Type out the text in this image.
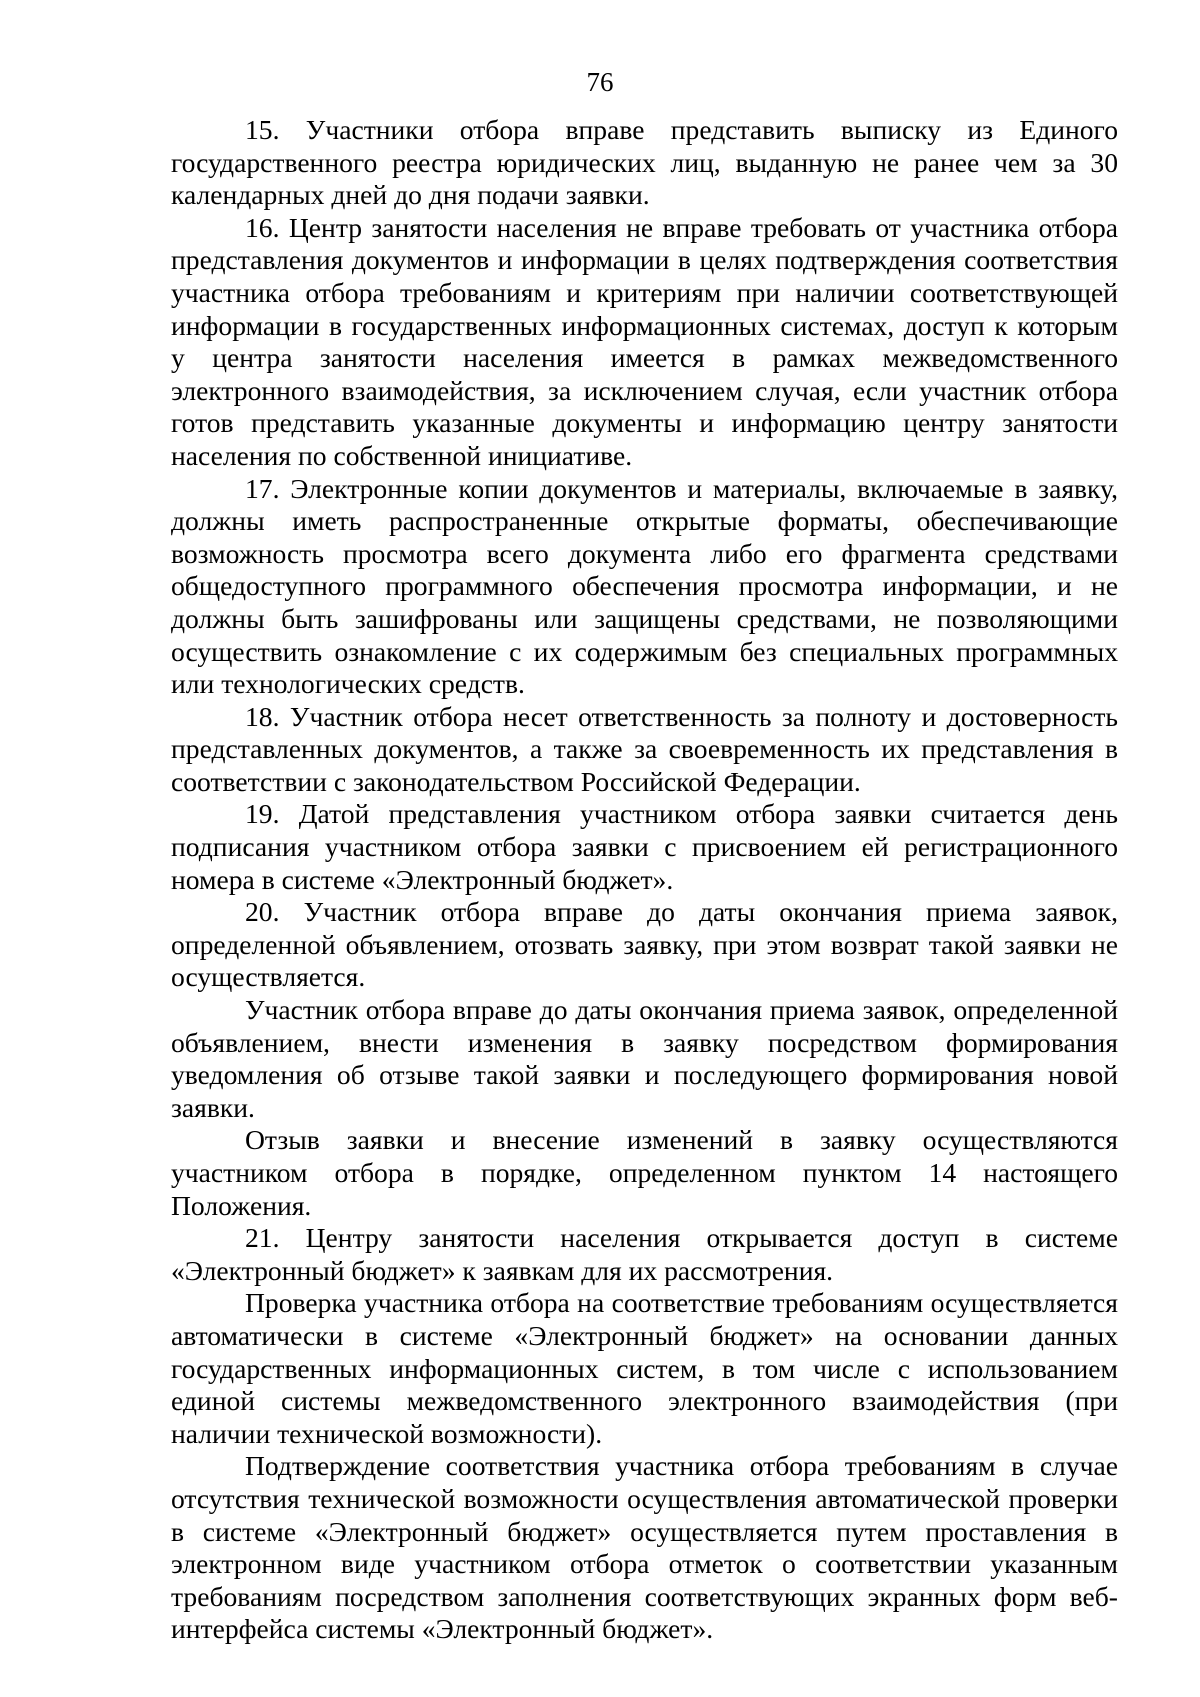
76

15. Участники отбора вправе представить выписку из Единого государственного реестра юридических лиц, выданную не ранее чем за 30 календарных дней до дня подачи заявки.

16. Центр занятости населения не вправе требовать от участника отбора представления документов и информации в целях подтверждения соответствия участника отбора требованиям и критериям при наличии соответствующей информации в государственных информационных системах, доступ к которым у центра занятости населения имеется в рамках межведомственного электронного взаимодействия, за исключением случая, если участник отбора готов представить указанные документы и информацию центру занятости населения по собственной инициативе.

17. Электронные копии документов и материалы, включаемые в заявку, должны иметь распространенные открытые форматы, обеспечивающие возможность просмотра всего документа либо его фрагмента средствами общедоступного программного обеспечения просмотра информации, и не должны быть зашифрованы или защищены средствами, не позволяющими осуществить ознакомление с их содержимым без специальных программных или технологических средств.

18. Участник отбора несет ответственность за полноту и достоверность представленных документов, а также за своевременность их представления в соответствии с законодательством Российской Федерации.

19. Датой представления участником отбора заявки считается день подписания участником отбора заявки с присвоением ей регистрационного номера в системе «Электронный бюджет».

20. Участник отбора вправе до даты окончания приема заявок, определенной объявлением, отозвать заявку, при этом возврат такой заявки не осуществляется.

Участник отбора вправе до даты окончания приема заявок, определенной объявлением, внести изменения в заявку посредством формирования уведомления об отзыве такой заявки и последующего формирования новой заявки.

Отзыв заявки и внесение изменений в заявку осуществляются участником отбора в порядке, определенном пунктом 14 настоящего Положения.

21. Центру занятости населения открывается доступ в системе «Электронный бюджет» к заявкам для их рассмотрения.

Проверка участника отбора на соответствие требованиям осуществляется автоматически в системе «Электронный бюджет» на основании данных государственных информационных систем, в том числе с использованием единой системы межведомственного электронного взаимодействия (при наличии технической возможности).

Подтверждение соответствия участника отбора требованиям в случае отсутствия технической возможности осуществления автоматической проверки в системе «Электронный бюджет» осуществляется путем проставления в электронном виде участником отбора отметок о соответствии указанным требованиям посредством заполнения соответствующих экранных форм веб-интерфейса системы «Электронный бюджет».
